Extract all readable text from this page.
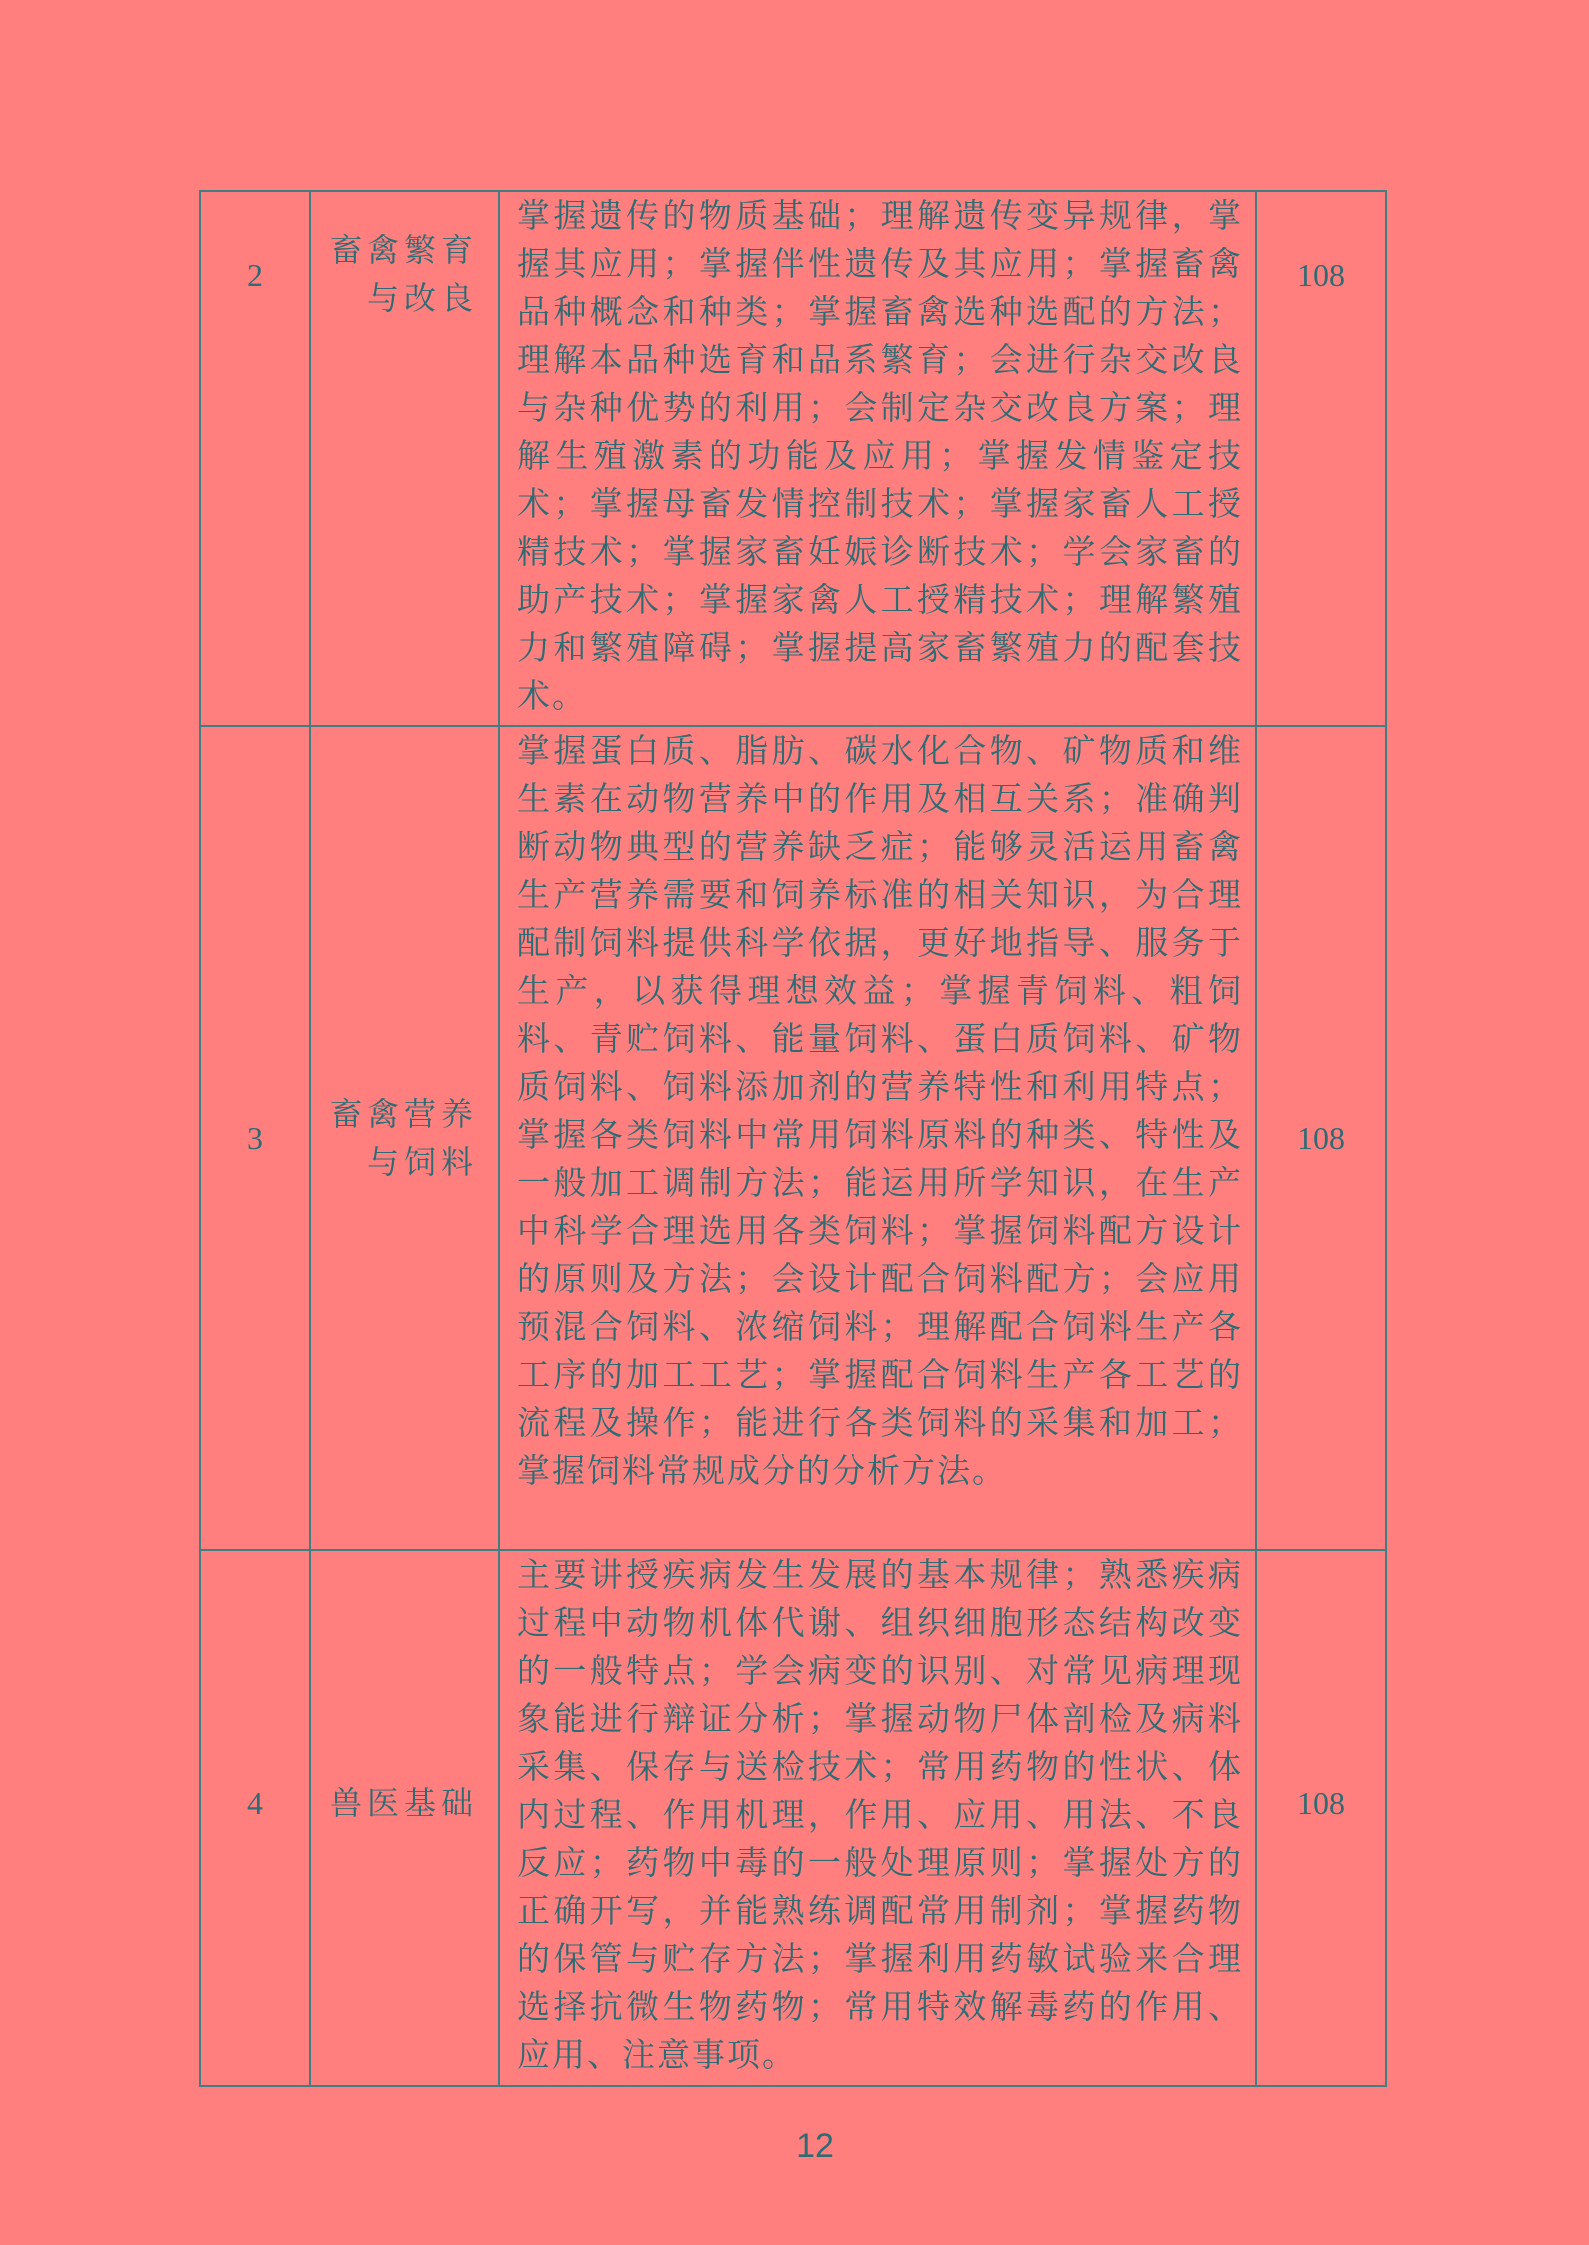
2	畜禽繁育与改良	掌握遗传的物质基础；理解遗传变异规律，掌握其应用；掌握伴性遗传及其应用；掌握畜禽品种概念和种类；掌握畜禽选种选配的方法；理解本品种选育和品系繁育；会进行杂交改良与杂种优势的利用；会制定杂交改良方案；理解生殖激素的功能及应用；掌握发情鉴定技术；掌握母畜发情控制技术；掌握家畜人工授精技术；掌握家畜妊娠诊断技术；学会家畜的助产技术；掌握家禽人工授精技术；理解繁殖力和繁殖障碍；掌握提高家畜繁殖力的配套技术。	108
3	畜禽营养与饲料	掌握蛋白质、脂肪、碳水化合物、矿物质和维生素在动物营养中的作用及相互关系；准确判断动物典型的营养缺乏症；能够灵活运用畜禽生产营养需要和饲养标准的相关知识，为合理配制饲料提供科学依据，更好地指导、服务于生产，以获得理想效益；掌握青饲料、粗饲料、青贮饲料、能量饲料、蛋白质饲料、矿物质饲料、饲料添加剂的营养特性和利用特点；掌握各类饲料中常用饲料原料的种类、特性及一般加工调制方法；能运用所学知识，在生产中科学合理选用各类饲料；掌握饲料配方设计的原则及方法；会设计配合饲料配方；会应用预混合饲料、浓缩饲料；理解配合饲料生产各工序的加工工艺；掌握配合饲料生产各工艺的流程及操作；能进行各类饲料的采集和加工；掌握饲料常规成分的分析方法。	108
4	兽医基础	主要讲授疾病发生发展的基本规律；熟悉疾病过程中动物机体代谢、组织细胞形态结构改变的一般特点；学会病变的识别、对常见病理现象能进行辩证分析；掌握动物尸体剖检及病料采集、保存与送检技术；常用药物的性状、体内过程、作用机理，作用、应用、用法、不良反应；药物中毒的一般处理原则；掌握处方的正确开写，并能熟练调配常用制剂；掌握药物的保管与贮存方法；掌握利用药敏试验来合理选择抗微生物药物；常用特效解毒药的作用、应用、注意事项。	108
12
